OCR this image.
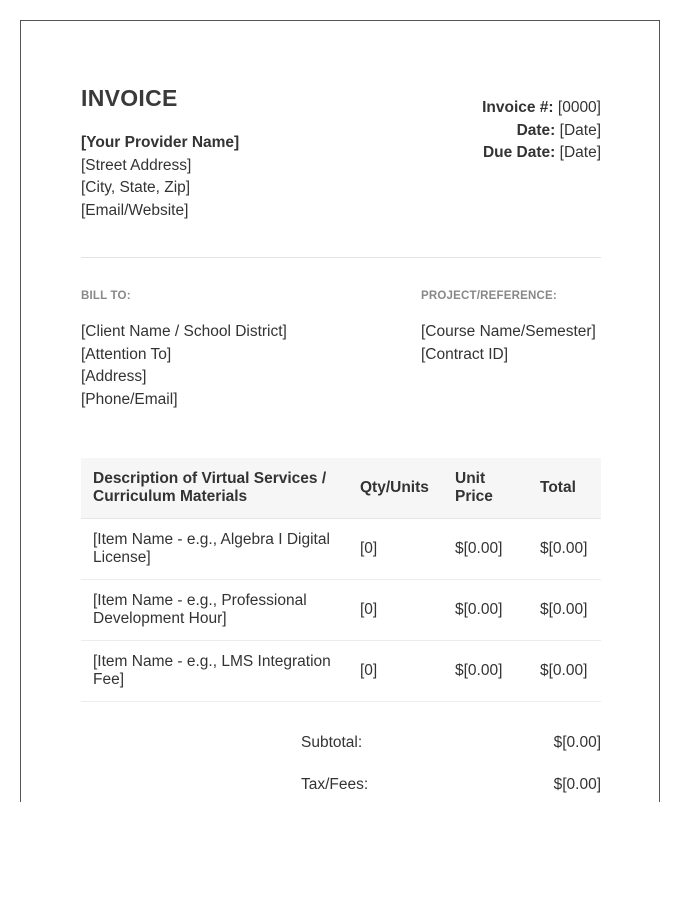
INVOICE
[Your Provider Name]
[Street Address]
[City, State, Zip]
[Email/Website]
Invoice #: [0000]
Date: [Date]
Due Date: [Date]
BILL TO:
[Client Name / School District]
[Attention To]
[Address]
[Phone/Email]
PROJECT/REFERENCE:
[Course Name/Semester]
[Contract ID]
Description of Virtual Services / Curriculum Materials	Qty/Units	Unit Price	Total
[Item Name - e.g., Algebra I Digital License]	[0]	$[0.00]	$[0.00]
[Item Name - e.g., Professional Development Hour]	[0]	$[0.00]	$[0.00]
[Item Name - e.g., LMS Integration Fee]	[0]	$[0.00]	$[0.00]
Subtotal:	$[0.00]
Tax/Fees:	$[0.00]
